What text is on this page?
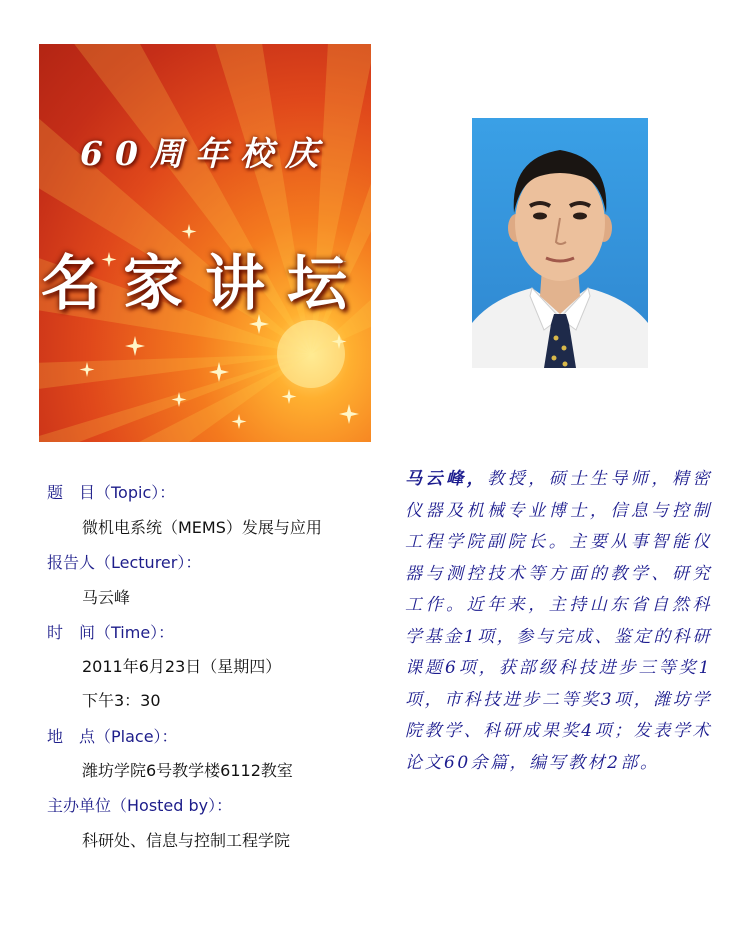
60周年校庆
名家讲坛
题　目（Topic）：
微机电系统（MEMS）发展与应用
报告人（Lecturer）：
马云峰
时　间（Time）：
2011年6月23日（星期四）
下午3：30
地　点（Place）：
潍坊学院6号教学楼6112教室
主办单位（Hosted by）：
科研处、信息与控制工程学院
马云峰，教授，硕士生导师，精密仪器及机械专业博士，信息与控制工程学院副院长。主要从事智能仪器与测控技术等方面的教学、研究工作。近年来，主持山东省自然科学基金1项，参与完成、鉴定的科研课题6项，获部级科技进步三等奖1项，市科技进步二等奖3项，潍坊学院教学、科研成果奖4项；发表学术论文60余篇，编写教材2部。
